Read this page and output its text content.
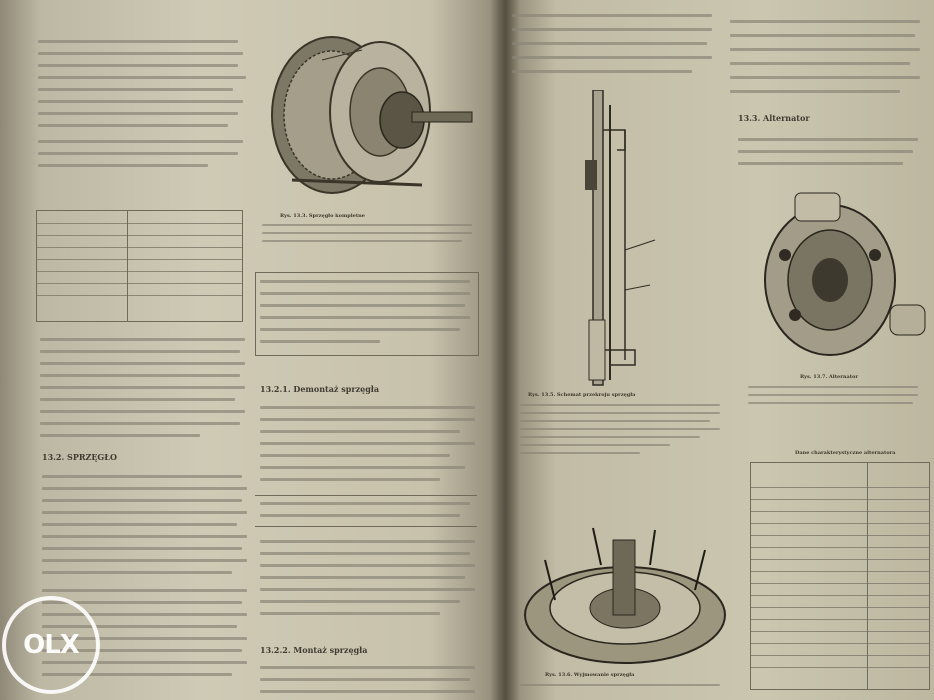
13.2. SPRZĘGŁO
Rys. 13.3. Sprzęgło kompletne
13.2.1. Demontaż sprzęgła
13.2.2. Montaż sprzęgła
13.3. Alternator
Rys. 13.5. Schemat przekroju sprzęgła
Rys. 13.6. Wyjmowanie sprzęgła
Rys. 13.7. Alternator
Dane charakterystyczne alternatora
OLX
